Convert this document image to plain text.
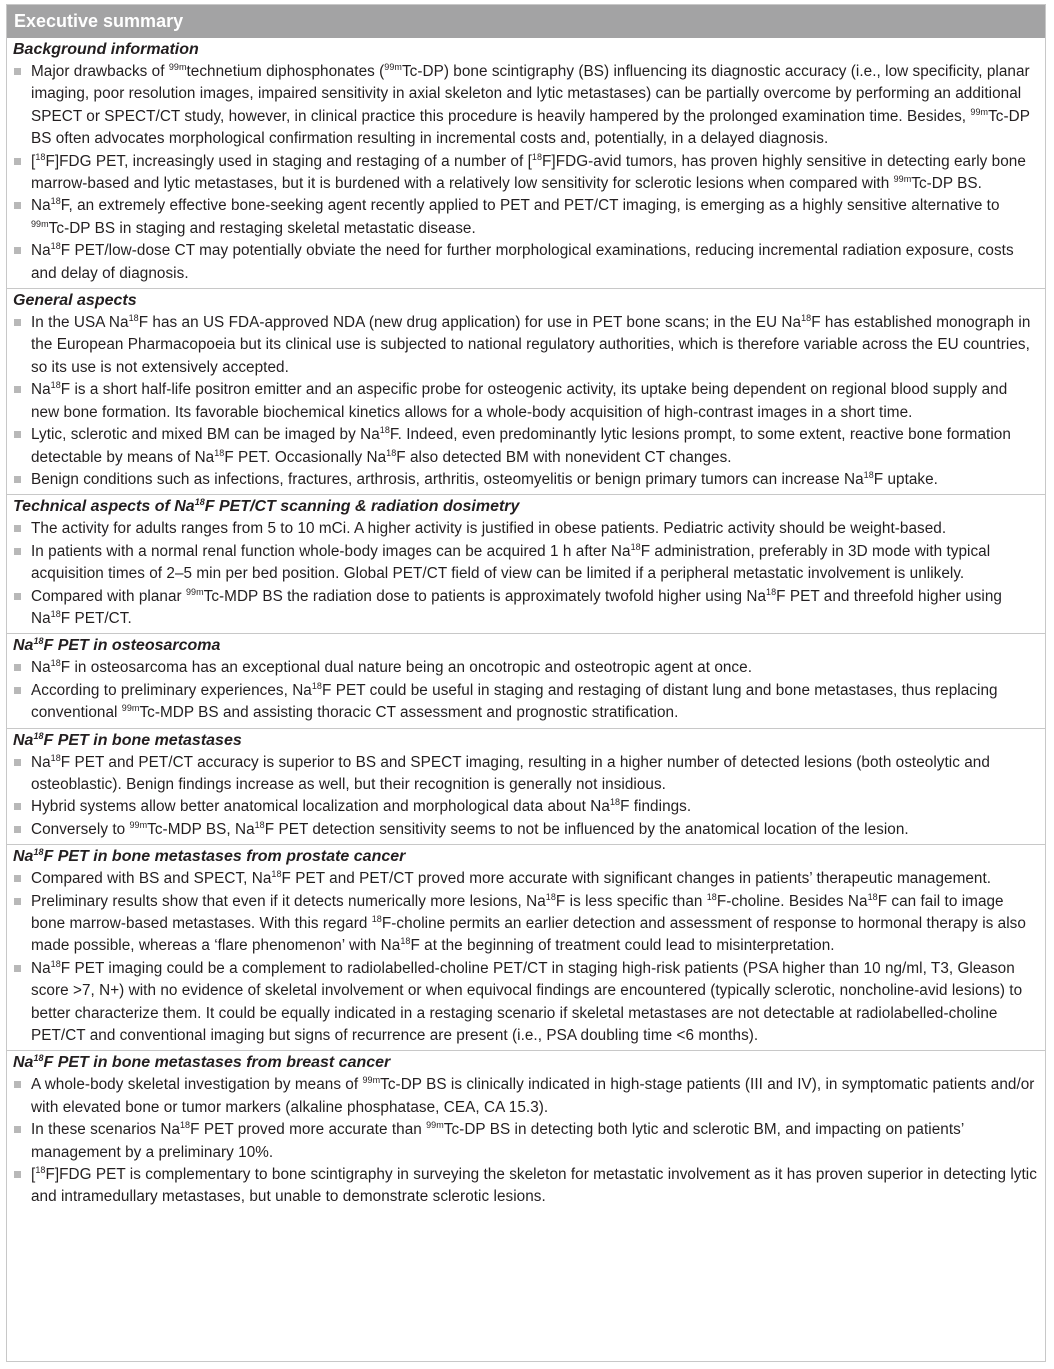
Executive summary
Background information
Major drawbacks of $^{99m}$technetium diphosphonates ($^{99m}$Tc-DP) bone scintigraphy (BS) influencing its diagnostic accuracy (i.e., low specificity, planar imaging, poor resolution images, impaired sensitivity in axial skeleton and lytic metastases) can be partially overcome by performing an additional SPECT or SPECT/CT study, however, in clinical practice this procedure is heavily hampered by the prolonged examination time. Besides, $^{99m}$Tc-DP BS often advocates morphological confirmation resulting in incremental costs and, potentially, in a delayed diagnosis.
[$^{18}$F]FDG PET, increasingly used in staging and restaging of a number of [$^{18}$F]FDG-avid tumors, has proven highly sensitive in detecting early bone marrow-based and lytic metastases, but it is burdened with a relatively low sensitivity for sclerotic lesions when compared with $^{99m}$Tc-DP BS.
Na$^{18}$F, an extremely effective bone-seeking agent recently applied to PET and PET/CT imaging, is emerging as a highly sensitive alternative to $^{99m}$Tc-DP BS in staging and restaging skeletal metastatic disease.
Na$^{18}$F PET/low-dose CT may potentially obviate the need for further morphological examinations, reducing incremental radiation exposure, costs and delay of diagnosis.
General aspects
In the USA Na$^{18}$F has an US FDA-approved NDA (new drug application) for use in PET bone scans; in the EU Na$^{18}$F has established monograph in the European Pharmacopoeia but its clinical use is subjected to national regulatory authorities, which is therefore variable across the EU countries, so its use is not extensively accepted.
Na$^{18}$F is a short half-life positron emitter and an aspecific probe for osteogenic activity, its uptake being dependent on regional blood supply and new bone formation. Its favorable biochemical kinetics allows for a whole-body acquisition of high-contrast images in a short time.
Lytic, sclerotic and mixed BM can be imaged by Na$^{18}$F. Indeed, even predominantly lytic lesions prompt, to some extent, reactive bone formation detectable by means of Na$^{18}$F PET. Occasionally Na$^{18}$F also detected BM with nonevident CT changes.
Benign conditions such as infections, fractures, arthrosis, arthritis, osteomyelitis or benign primary tumors can increase Na$^{18}$F uptake.
Technical aspects of Na$^{18}$F PET/CT scanning & radiation dosimetry
The activity for adults ranges from 5 to 10 mCi. A higher activity is justified in obese patients. Pediatric activity should be weight-based.
In patients with a normal renal function whole-body images can be acquired 1 h after Na$^{18}$F administration, preferably in 3D mode with typical acquisition times of 2–5 min per bed position. Global PET/CT field of view can be limited if a peripheral metastatic involvement is unlikely.
Compared with planar $^{99m}$Tc-MDP BS the radiation dose to patients is approximately twofold higher using Na$^{18}$F PET and threefold higher using Na$^{18}$F PET/CT.
Na$^{18}$F PET in osteosarcoma
Na$^{18}$F in osteosarcoma has an exceptional dual nature being an oncotropic and osteotropic agent at once.
According to preliminary experiences, Na$^{18}$F PET could be useful in staging and restaging of distant lung and bone metastases, thus replacing conventional $^{99m}$Tc-MDP BS and assisting thoracic CT assessment and prognostic stratification.
Na$^{18}$F PET in bone metastases
Na$^{18}$F PET and PET/CT accuracy is superior to BS and SPECT imaging, resulting in a higher number of detected lesions (both osteolytic and osteoblastic). Benign findings increase as well, but their recognition is generally not insidious.
Hybrid systems allow better anatomical localization and morphological data about Na$^{18}$F findings.
Conversely to $^{99m}$Tc-MDP BS, Na$^{18}$F PET detection sensitivity seems to not be influenced by the anatomical location of the lesion.
Na$^{18}$F PET in bone metastases from prostate cancer
Compared with BS and SPECT, Na$^{18}$F PET and PET/CT proved more accurate with significant changes in patients’ therapeutic management.
Preliminary results show that even if it detects numerically more lesions, Na$^{18}$F is less specific than $^{18}$F-choline. Besides Na$^{18}$F can fail to image bone marrow-based metastases. With this regard $^{18}$F-choline permits an earlier detection and assessment of response to hormonal therapy is also made possible, whereas a ‘flare phenomenon’ with Na$^{18}$F at the beginning of treatment could lead to misinterpretation.
Na$^{18}$F PET imaging could be a complement to radiolabelled-choline PET/CT in staging high-risk patients (PSA higher than 10 ng/ml, T3, Gleason score >7, N+) with no evidence of skeletal involvement or when equivocal findings are encountered (typically sclerotic, noncholine-avid lesions) to better characterize them. It could be equally indicated in a restaging scenario if skeletal metastases are not detectable at radiolabelled-choline PET/CT and conventional imaging but signs of recurrence are present (i.e., PSA doubling time <6 months).
Na$^{18}$F PET in bone metastases from breast cancer
A whole-body skeletal investigation by means of $^{99m}$Tc-DP BS is clinically indicated in high-stage patients (III and IV), in symptomatic patients and/or with elevated bone or tumor markers (alkaline phosphatase, CEA, CA 15.3).
In these scenarios Na$^{18}$F PET proved more accurate than $^{99m}$Tc-DP BS in detecting both lytic and sclerotic BM, and impacting on patients’ management by a preliminary 10%.
[$^{18}$F]FDG PET is complementary to bone scintigraphy in surveying the skeleton for metastatic involvement as it has proven superior in detecting lytic and intramedullary metastases, but unable to demonstrate sclerotic lesions.
